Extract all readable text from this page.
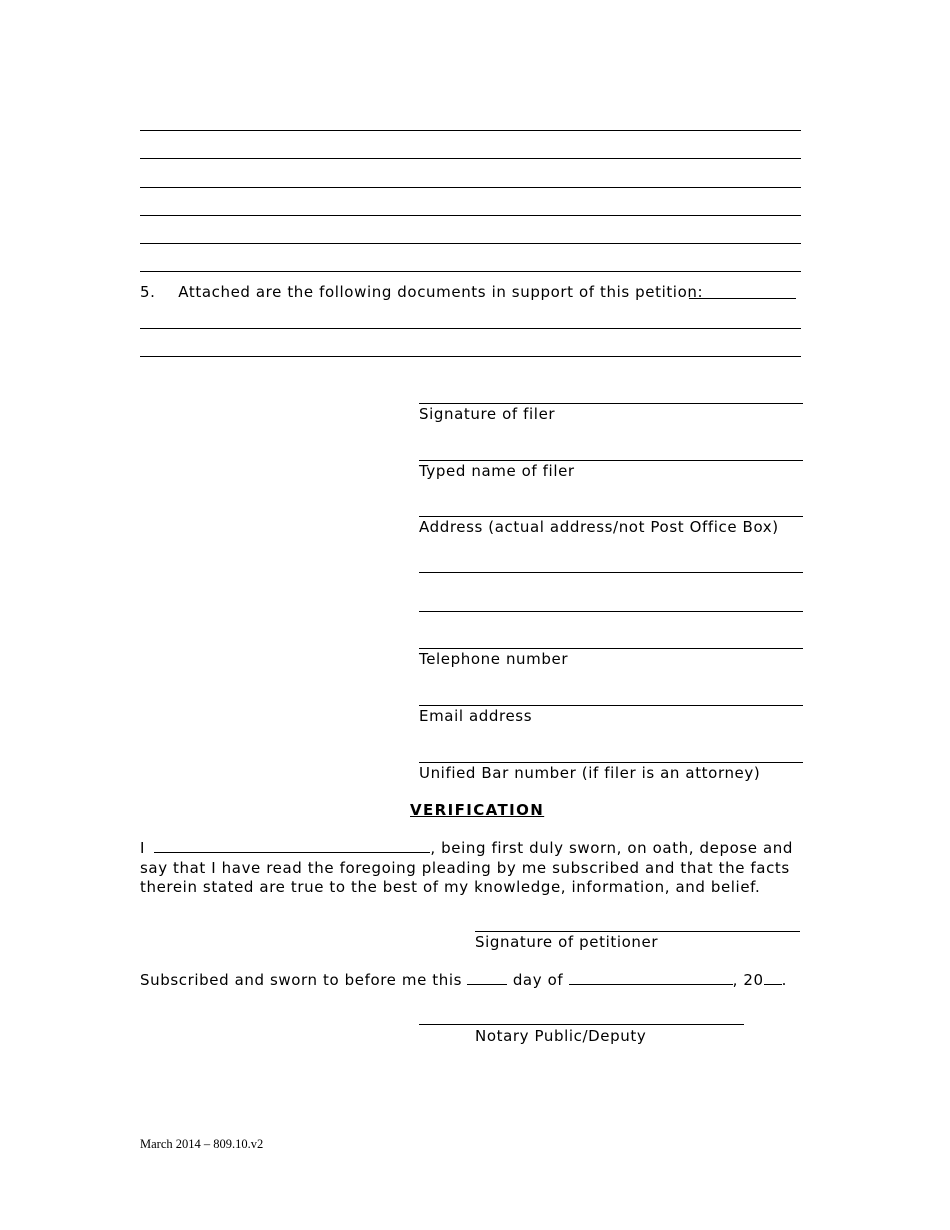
5. Attached are the following documents in support of this petition:
Signature of filer
Typed name of filer
Address (actual address/not Post Office Box)
Telephone number
Email address
Unified Bar number (if filer is an attorney)
VERIFICATION
I	, being first duly sworn, on oath, depose and say that I have read the foregoing pleading by me subscribed and that the facts therein stated are true to the best of my knowledge, information, and belief.
Signature of petitioner
Subscribed and sworn to before me this	day of	, 20 .
Notary Public/Deputy
March 2014 – 809.10.v2
